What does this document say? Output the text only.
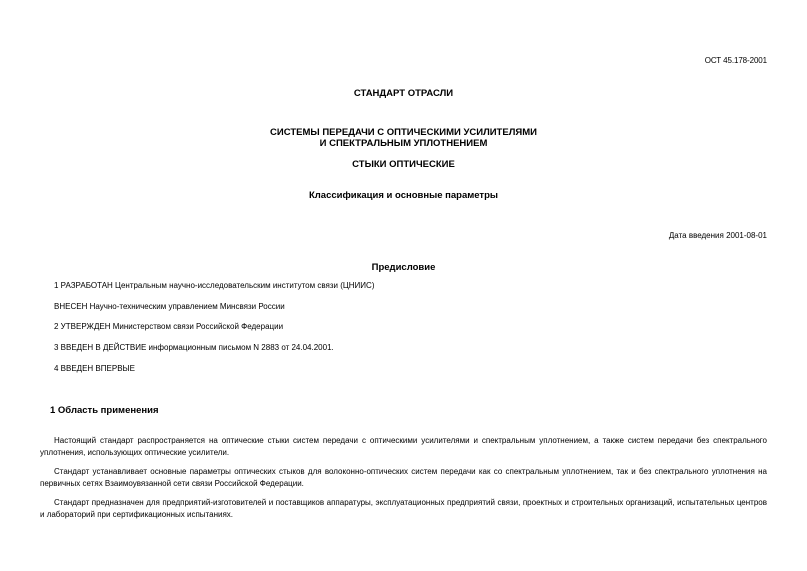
ОСТ 45.178-2001
СТАНДАРТ ОТРАСЛИ
СИСТЕМЫ ПЕРЕДАЧИ С ОПТИЧЕСКИМИ УСИЛИТЕЛЯМИ
И СПЕКТРАЛЬНЫМ УПЛОТНЕНИЕМ
СТЫКИ ОПТИЧЕСКИЕ
Классификация и основные параметры
Дата введения 2001-08-01
Предисловие
1 РАЗРАБОТАН Центральным научно-исследовательским институтом связи (ЦНИИС)
ВНЕСЕН Научно-техническим управлением Минсвязи России
2 УТВЕРЖДЕН Министерством связи Российской Федерации
3 ВВЕДЕН В ДЕЙСТВИЕ информационным письмом N 2883 от 24.04.2001.
4 ВВЕДЕН ВПЕРВЫЕ
1 Область применения
Настоящий стандарт распространяется на оптические стыки систем передачи с оптическими усилителями и спектральным уплотнением, а также систем передачи без спектрального уплотнения, использующих оптические усилители.
Стандарт устанавливает основные параметры оптических стыков для волоконно-оптических систем передачи как со спектральным уплотнением, так и без спектрального уплотнения на первичных сетях Взаимоувязанной сети связи Российской Федерации.
Стандарт предназначен для предприятий-изготовителей и поставщиков аппаратуры, эксплуатационных предприятий связи, проектных и строительных организаций, испытательных центров и лабораторий при сертификационных испытаниях.
